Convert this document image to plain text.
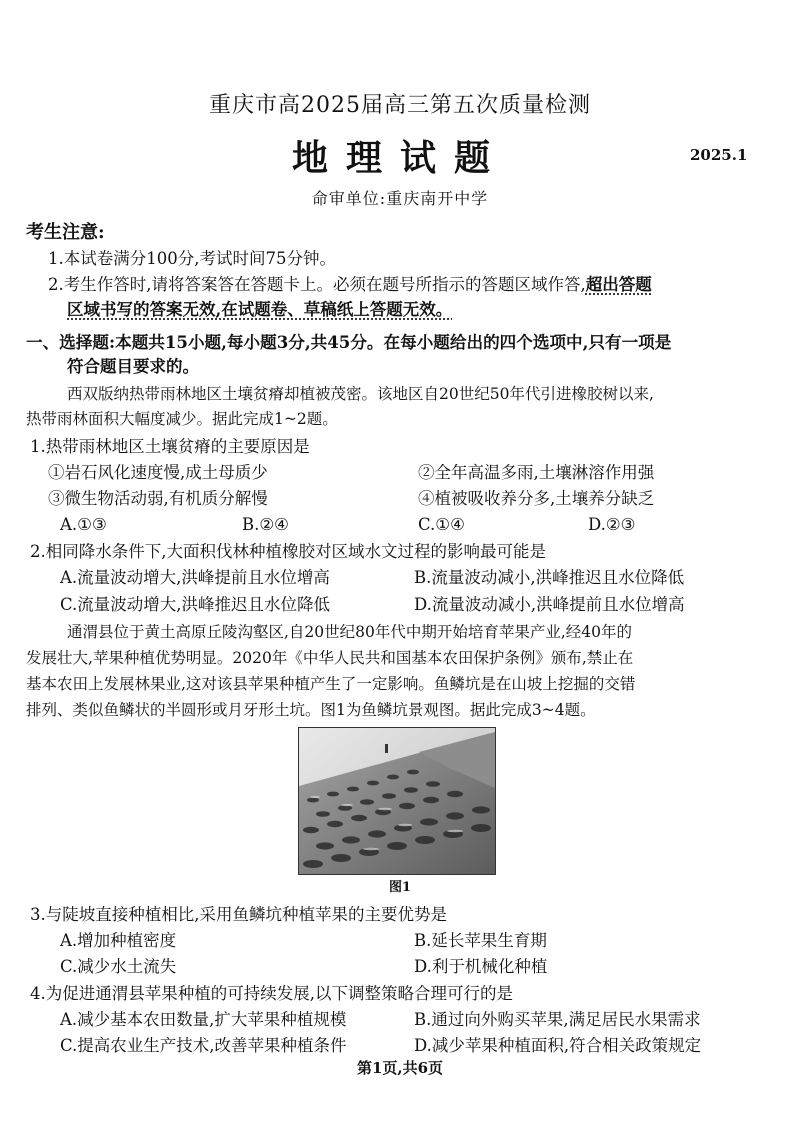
重庆市高2025届高三第五次质量检测
地理试题	2025.1
命审单位:重庆南开中学
考生注意:
1.本试卷满分100分,考试时间75分钟。
2.考生作答时,请将答案答在答题卡上。必须在题号所指示的答题区域作答,超出答题
区域书写的答案无效,在试题卷、草稿纸上答题无效。
一、选择题:本题共15小题,每小题3分,共45分。在每小题给出的四个选项中,只有一项是
符合题目要求的。
西双版纳热带雨林地区土壤贫瘠却植被茂密。该地区自20世纪50年代引进橡胶树以来,
热带雨林面积大幅度减少。据此完成1~2题。
1.热带雨林地区土壤贫瘠的主要原因是
①岩石风化速度慢,成土母质少	②全年高温多雨,土壤淋溶作用强
③微生物活动弱,有机质分解慢	④植被吸收养分多,土壤养分缺乏
A.①③	B.②④	C.①④	D.②③
2.相同降水条件下,大面积伐林种植橡胶对区域水文过程的影响最可能是
A.流量波动增大,洪峰提前且水位增高	B.流量波动减小,洪峰推迟且水位降低
C.流量波动增大,洪峰推迟且水位降低	D.流量波动减小,洪峰提前且水位增高
通渭县位于黄土高原丘陵沟壑区,自20世纪80年代中期开始培育苹果产业,经40年的
发展壮大,苹果种植优势明显。2020年《中华人民共和国基本农田保护条例》颁布,禁止在
基本农田上发展林果业,这对该县苹果种植产生了一定影响。鱼鳞坑是在山坡上挖掘的交错
排列、类似鱼鳞状的半圆形或月牙形土坑。图1为鱼鳞坑景观图。据此完成3~4题。
图1
3.与陡坡直接种植相比,采用鱼鳞坑种植苹果的主要优势是
A.增加种植密度	B.延长苹果生育期
C.减少水土流失	D.利于机械化种植
4.为促进通渭县苹果种植的可持续发展,以下调整策略合理可行的是
A.减少基本农田数量,扩大苹果种植规模	B.通过向外购买苹果,满足居民水果需求
C.提高农业生产技术,改善苹果种植条件	D.减少苹果种植面积,符合相关政策规定
第1页,共6页
